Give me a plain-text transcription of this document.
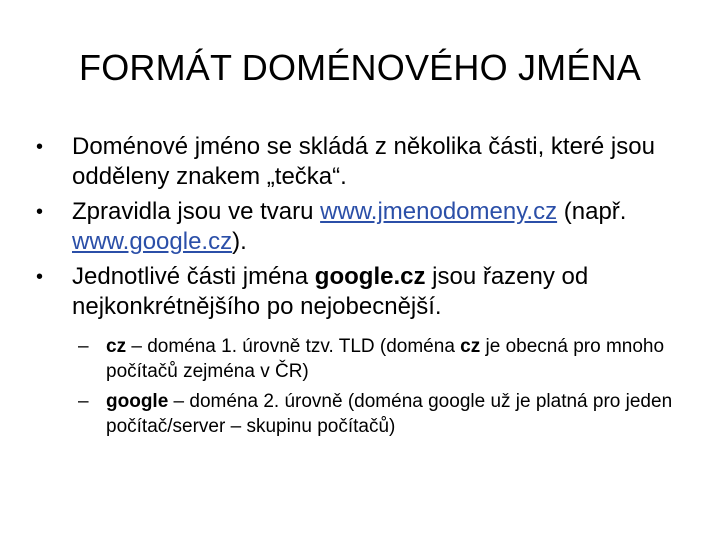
FORMÁT DOMÉNOVÉHO JMÉNA
• Doménové jméno se skládá z několika části, které jsou odděleny znakem „tečka“.
• Zpravidla jsou ve tvaru www.jmenodomeny.cz (např. www.google.cz).
• Jednotlivé části jména google.cz jsou řazeny od nejkonkrétnějšího po nejobecnější.
– cz – doména 1. úrovně tzv. TLD (doména cz je obecná pro mnoho počítačů zejména v ČR)
– google – doména 2. úrovně (doména google už je platná pro jeden počítač/server – skupinu počítačů)
